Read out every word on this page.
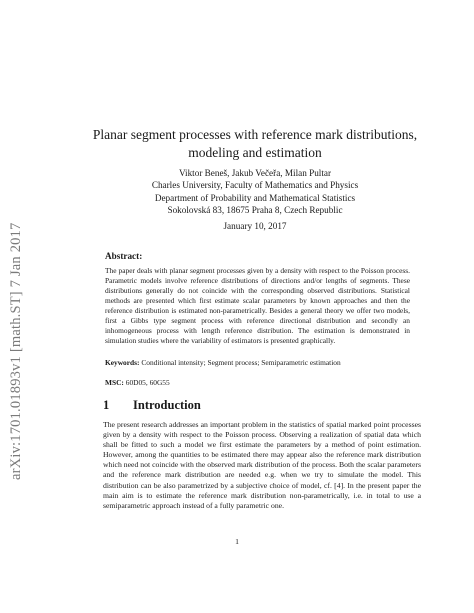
arXiv:1701.01893v1 [math.ST] 7 Jan 2017
Planar segment processes with reference mark distributions, modeling and estimation
Viktor Beneš, Jakub Večeřa, Milan Pultar
Charles University, Faculty of Mathematics and Physics
Department of Probability and Mathematical Statistics
Sokolovská 83, 18675 Praha 8, Czech Republic
January 10, 2017
Abstract:
The paper deals with planar segment processes given by a density with respect to the Poisson process. Parametric models involve reference distributions of directions and/or lengths of segments. These distributions generally do not coincide with the corresponding observed distributions. Statistical methods are presented which first estimate scalar parameters by known approaches and then the reference distribution is estimated non-parametrically. Besides a general theory we offer two models, first a Gibbs type segment process with reference directional distribution and secondly an inhomogeneous process with length reference distribution. The estimation is demonstrated in simulation studies where the variability of estimators is presented graphically.
Keywords: Conditional intensity; Segment process; Semiparametric estimation
MSC: 60D05, 60G55
1 Introduction
The present research addresses an important problem in the statistics of spatial marked point processes given by a density with respect to the Poisson process. Observing a realization of spatial data which shall be fitted to such a model we first estimate the parameters by a method of point estimation. However, among the quantities to be estimated there may appear also the reference mark distribution which need not coincide with the observed mark distribution of the process. Both the scalar parameters and the reference mark distribution are needed e.g. when we try to simulate the model. This distribution can be also parametrized by a subjective choice of model, cf. [4]. In the present paper the main aim is to estimate the reference mark distribution non-parametrically, i.e. in total to use a semiparametric approach instead of a fully parametric one.
1
